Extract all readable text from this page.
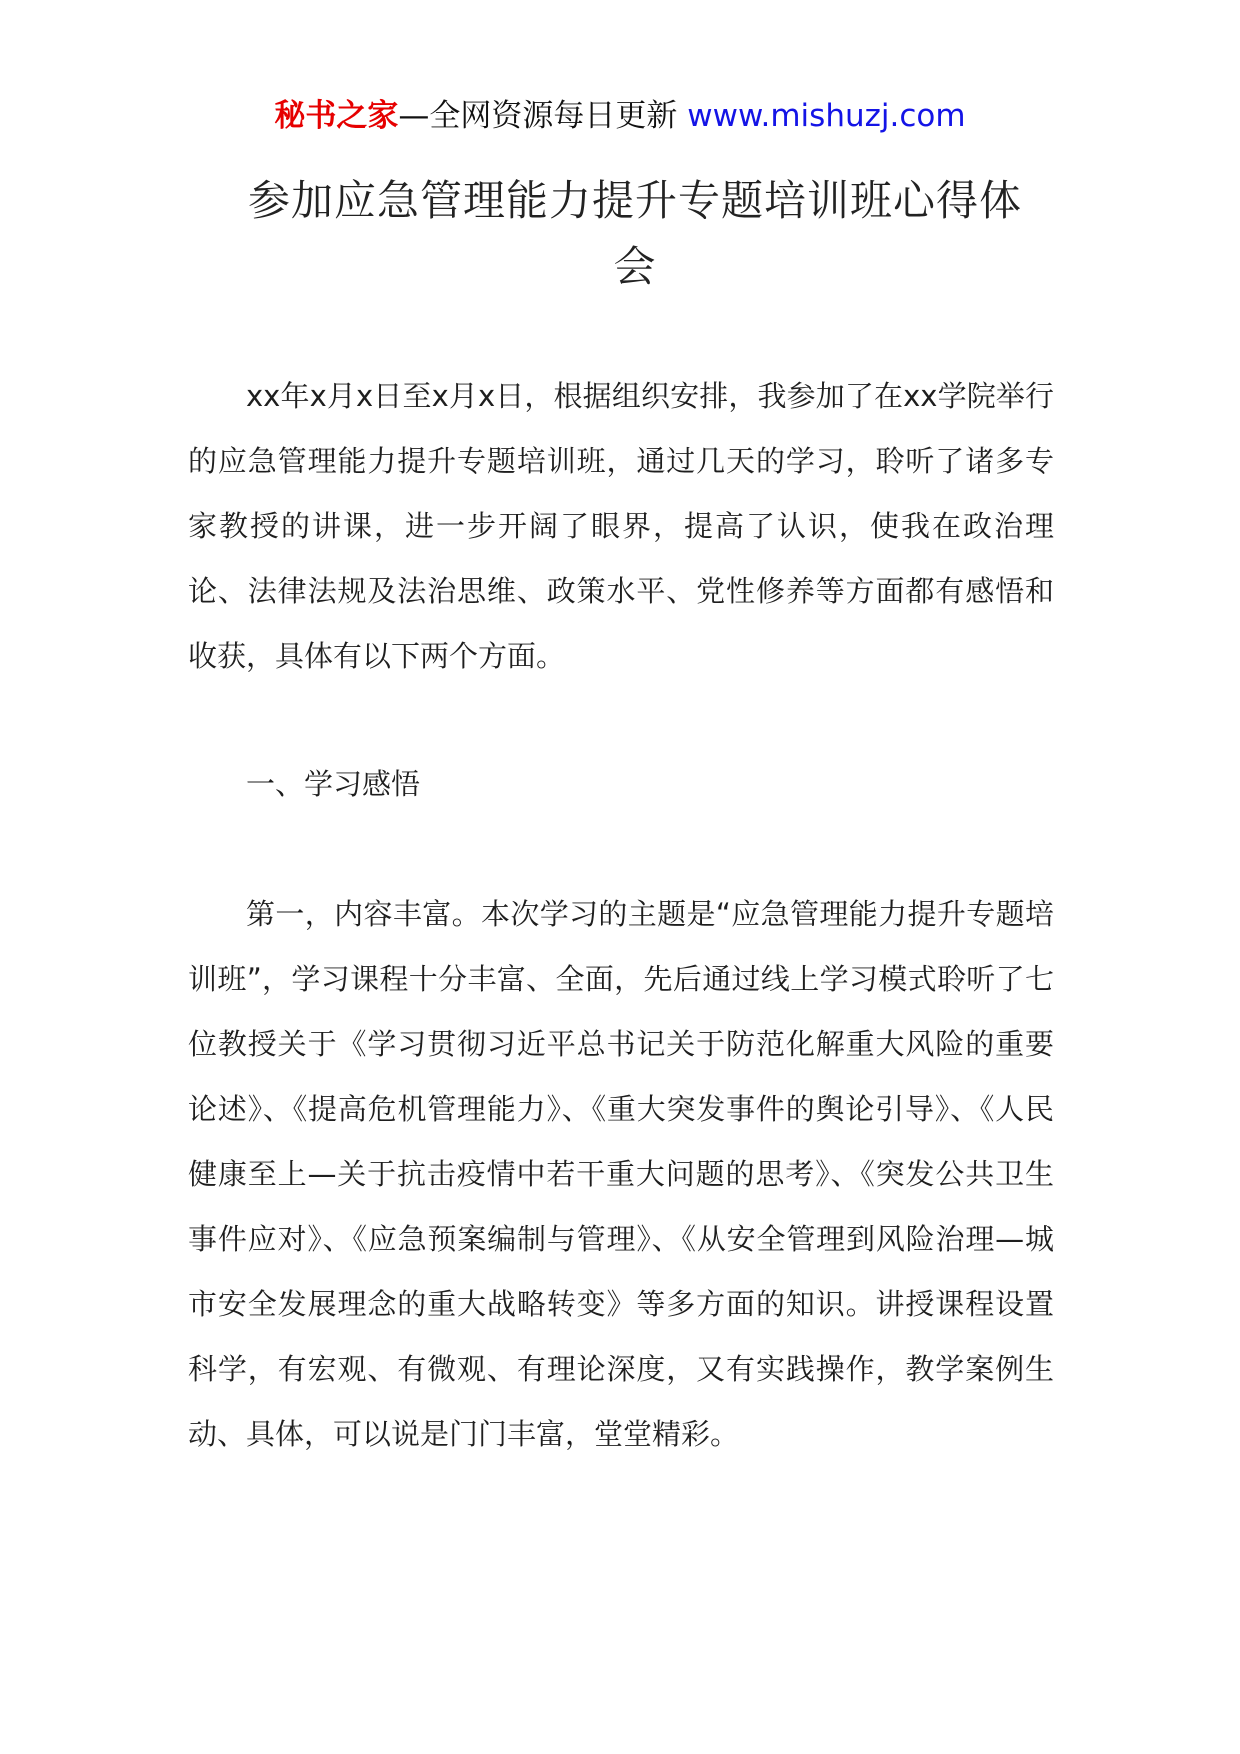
秘书之家—全网资源每日更新 www.mishuzj.com
参加应急管理能力提升专题培训班心得体会

xx年x月x日至x月x日，根据组织安排，我参加了在xx学院举行的应急管理能力提升专题培训班，通过几天的学习，聆听了诸多专家教授的讲课，进一步开阔了眼界，提高了认识，使我在政治理论、法律法规及法治思维、政策水平、党性修养等方面都有感悟和收获，具体有以下两个方面。

一、学习感悟

第一，内容丰富。本次学习的主题是“应急管理能力提升专题培训班”，学习课程十分丰富、全面，先后通过线上学习模式聆听了七位教授关于《学习贯彻习近平总书记关于防范化解重大风险的重要论述》、《提高危机管理能力》、《重大突发事件的舆论引导》、《人民健康至上—关于抗击疫情中若干重大问题的思考》、《突发公共卫生事件应对》、《应急预案编制与管理》、《从安全管理到风险治理—城市安全发展理念的重大战略转变》等多方面的知识。讲授课程设置科学，有宏观、有微观、有理论深度，又有实践操作，教学案例生动、具体，可以说是门门丰富，堂堂精彩。
